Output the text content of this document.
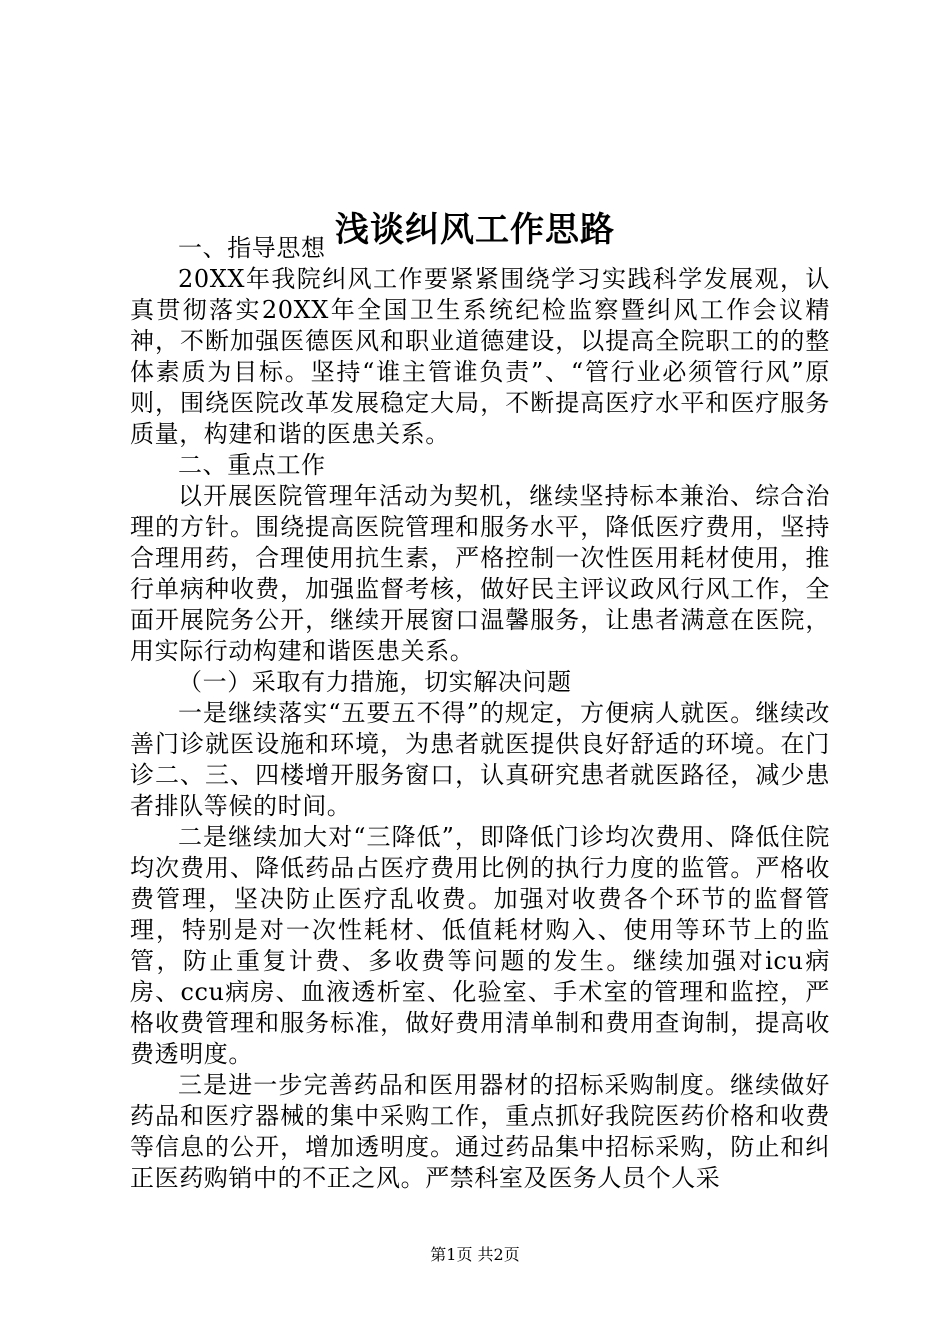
浅谈纠风工作思路

一、指导思想

20XX年我院纠风工作要紧紧围绕学习实践科学发展观，认真贯彻落实20XX年全国卫生系统纪检监察暨纠风工作会议精神，不断加强医德医风和职业道德建设，以提高全院职工的的整体素质为目标。坚持“谁主管谁负责”、“管行业必须管行风”原则，围绕医院改革发展稳定大局，不断提高医疗水平和医疗服务质量，构建和谐的医患关系。

二、重点工作

以开展医院管理年活动为契机，继续坚持标本兼治、综合治理的方针。围绕提高医院管理和服务水平，降低医疗费用，坚持合理用药，合理使用抗生素，严格控制一次性医用耗材使用，推行单病种收费，加强监督考核，做好民主评议政风行风工作，全面开展院务公开，继续开展窗口温馨服务，让患者满意在医院，用实际行动构建和谐医患关系。

（一）采取有力措施，切实解决问题

一是继续落实“五要五不得”的规定，方便病人就医。继续改善门诊就医设施和环境，为患者就医提供良好舒适的环境。在门诊二、三、四楼增开服务窗口，认真研究患者就医路径，减少患者排队等候的时间。

二是继续加大对“三降低”，即降低门诊均次费用、降低住院均次费用、降低药品占医疗费用比例的执行力度的监管。严格收费管理，坚决防止医疗乱收费。加强对收费各个环节的监督管理，特别是对一次性耗材、低值耗材购入、使用等环节上的监管，防止重复计费、多收费等问题的发生。继续加强对icu病房、ccu病房、血液透析室、化验室、手术室的管理和监控，严格收费管理和服务标准，做好费用清单制和费用查询制，提高收费透明度。

三是进一步完善药品和医用器材的招标采购制度。继续做好药品和医疗器械的集中采购工作，重点抓好我院医药价格和收费等信息的公开，增加透明度。通过药品集中招标采购，防止和纠正医药购销中的不正之风。严禁科室及医务人员个人采

第1页 共2页
